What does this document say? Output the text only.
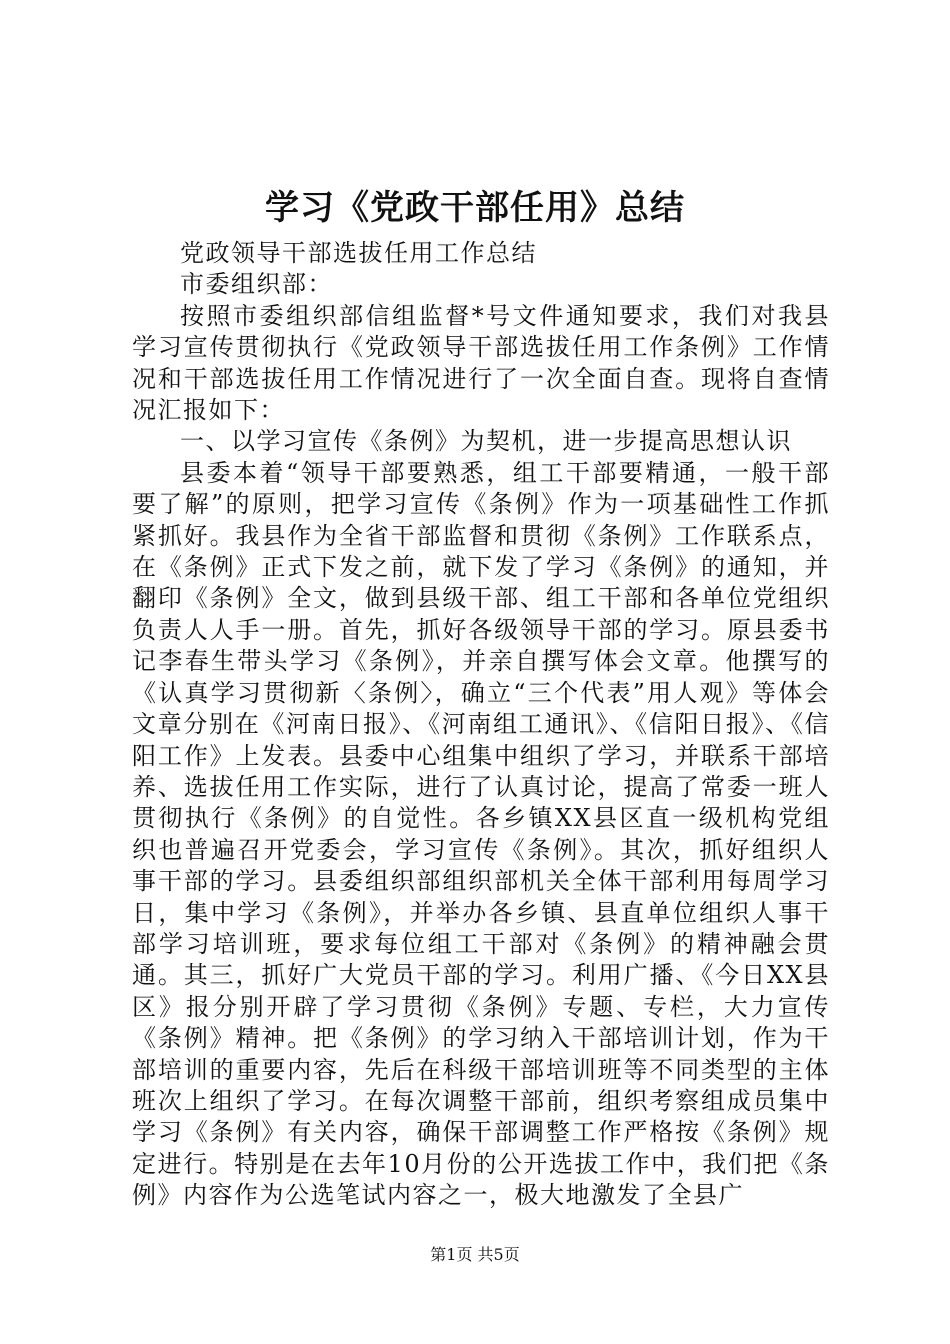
学习《党政干部任用》总结

党政领导干部选拔任用工作总结

市委组织部：

按照市委组织部信组监督*号文件通知要求，我们对我县学习宣传贯彻执行《党政领导干部选拔任用工作条例》工作情况和干部选拔任用工作情况进行了一次全面自查。现将自查情况汇报如下：

一、以学习宣传《条例》为契机，进一步提高思想认识

县委本着“领导干部要熟悉，组工干部要精通，一般干部要了解”的原则，把学习宣传《条例》作为一项基础性工作抓紧抓好。我县作为全省干部监督和贯彻《条例》工作联系点，在《条例》正式下发之前，就下发了学习《条例》的通知，并翻印《条例》全文，做到县级干部、组工干部和各单位党组织负责人人手一册。首先，抓好各级领导干部的学习。原县委书记李春生带头学习《条例》，并亲自撰写体会文章。他撰写的《认真学习贯彻新〈条例〉，确立“三个代表”用人观》等体会文章分别在《河南日报》、《河南组工通讯》、《信阳日报》、《信阳工作》上发表。县委中心组集中组织了学习，并联系干部培养、选拔任用工作实际，进行了认真讨论，提高了常委一班人贯彻执行《条例》的自觉性。各乡镇XX县区直一级机构党组织也普遍召开党委会，学习宣传《条例》。其次，抓好组织人事干部的学习。县委组织部组织部机关全体干部利用每周学习日，集中学习《条例》，并举办各乡镇、县直单位组织人事干部学习培训班，要求每位组工干部对《条例》的精神融会贯通。其三，抓好广大党员干部的学习。利用广播、《今日XX县区》报分别开辟了学习贯彻《条例》专题、专栏，大力宣传《条例》精神。把《条例》的学习纳入干部培训计划，作为干部培训的重要内容，先后在科级干部培训班等不同类型的主体班次上组织了学习。在每次调整干部前，组织考察组成员集中学习《条例》有关内容，确保干部调整工作严格按《条例》规定进行。特别是在去年10月份的公开选拔工作中，我们把《条例》内容作为公选笔试内容之一，极大地激发了全县广

第1页 共5页
